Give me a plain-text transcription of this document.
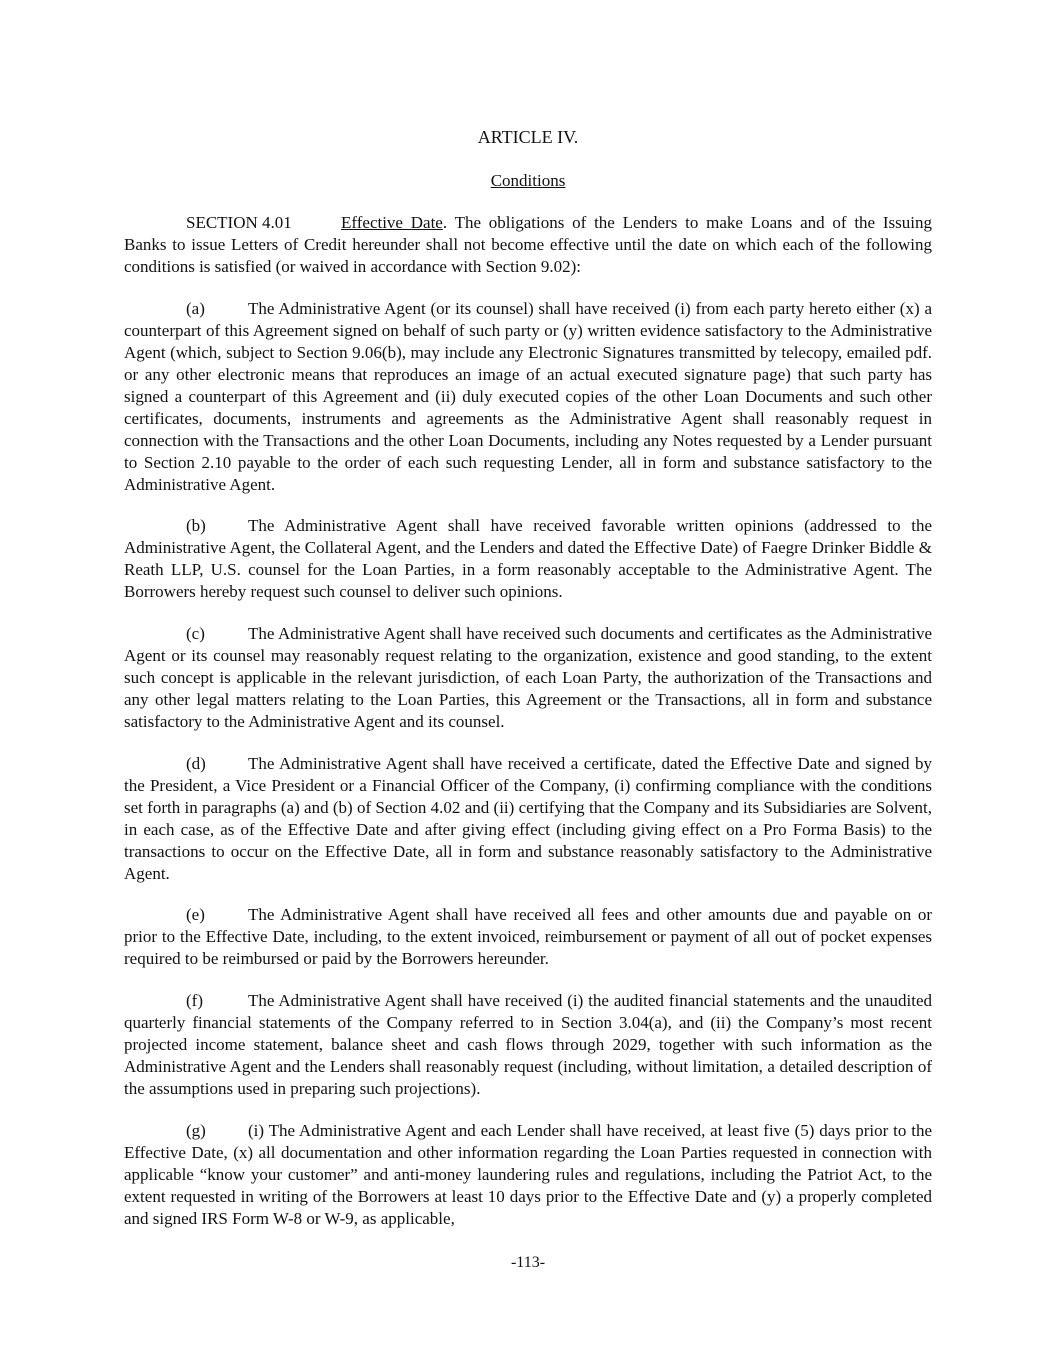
ARTICLE IV.
Conditions

SECTION 4.01	Effective Date. The obligations of the Lenders to make Loans and of the Issuing Banks to issue Letters of Credit hereunder shall not become effective until the date on which each of the following conditions is satisfied (or waived in accordance with Section 9.02):

(a)	The Administrative Agent (or its counsel) shall have received (i) from each party hereto either (x) a counterpart of this Agreement signed on behalf of such party or (y) written evidence satisfactory to the Administrative Agent (which, subject to Section 9.06(b), may include any Electronic Signatures transmitted by telecopy, emailed pdf. or any other electronic means that reproduces an image of an actual executed signature page) that such party has signed a counterpart of this Agreement and (ii) duly executed copies of the other Loan Documents and such other certificates, documents, instruments and agreements as the Administrative Agent shall reasonably request in connection with the Transactions and the other Loan Documents, including any Notes requested by a Lender pursuant to Section 2.10 payable to the order of each such requesting Lender, all in form and substance satisfactory to the Administrative Agent.

(b) The Administrative Agent shall have received favorable written opinions (addressed to the Administrative Agent, the Collateral Agent, and the Lenders and dated the Effective Date) of Faegre Drinker Biddle & Reath LLP, U.S. counsel for the Loan Parties, in a form reasonably acceptable to the Administrative Agent. The Borrowers hereby request such counsel to deliver such opinions.

(c)	The Administrative Agent shall have received such documents and certificates as the Administrative Agent or its counsel may reasonably request relating to the organization, existence and good standing, to the extent such concept is applicable in the relevant jurisdiction, of each Loan Party, the authorization of the Transactions and any other legal matters relating to the Loan Parties, this Agreement or the Transactions, all in form and substance satisfactory to the Administrative Agent and its counsel.

(d) The Administrative Agent shall have received a certificate, dated the Effective Date and signed by the President, a Vice President or a Financial Officer of the Company, (i) confirming compliance with the conditions set forth in paragraphs (a) and (b) of Section 4.02 and (ii) certifying that the Company and its Subsidiaries are Solvent, in each case, as of the Effective Date and after giving effect (including giving effect on a Pro Forma Basis) to the transactions to occur on the Effective Date, all in form and substance reasonably satisfactory to the Administrative Agent.

(e)	The Administrative Agent shall have received all fees and other amounts due and payable on or prior to the Effective Date, including, to the extent invoiced, reimbursement or payment of all out of pocket expenses required to be reimbursed or paid by the Borrowers hereunder.

(f)	The Administrative Agent shall have received (i) the audited financial statements and the unaudited quarterly financial statements of the Company referred to in Section 3.04(a), and (ii) the Company’s most recent projected income statement, balance sheet and cash flows through 2029, together with such information as the Administrative Agent and the Lenders shall reasonably request (including, without limitation, a detailed description of the assumptions used in preparing such projections).

(g) (i) The Administrative Agent and each Lender shall have received, at least five (5) days prior to the Effective Date, (x) all documentation and other information regarding the Loan Parties requested in connection with applicable “know your customer” and anti-money laundering rules and regulations, including the Patriot Act, to the extent requested in writing of the Borrowers at least 10 days prior to the Effective Date and (y) a properly completed and signed IRS Form W-8 or W-9, as applicable,

-113-
